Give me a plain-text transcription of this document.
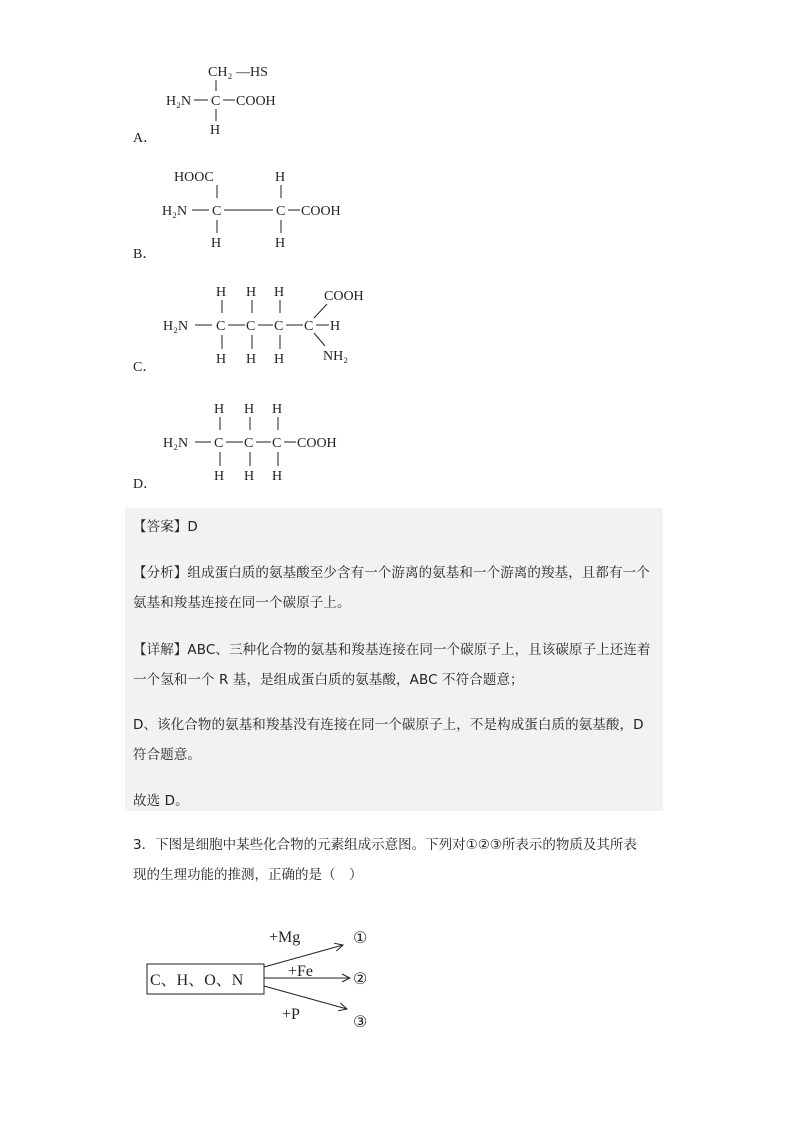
CH₂ —HS
H₂N C COOH
H
A．
HOOC	H
H₂N C	C COOH
H	H
B．
H H H	COOH
H₂N C C C C H
H H H	NH₂
C．
H H H
H₂N C C C COOH
H H H
D．
【答案】D
【分析】组成蛋白质的氨基酸至少含有一个游离的氨基和一个游离的羧基，且都有一个
氨基和羧基连接在同一个碳原子上。
【详解】ABC、三种化合物的氨基和羧基连接在同一个碳原子上，且该碳原子上还连着
一个氢和一个 R 基，是组成蛋白质的氨基酸，ABC 不符合题意；
D、该化合物的氨基和羧基没有连接在同一个碳原子上，不是构成蛋白质的氨基酸，D
符合题意。
故选 D。
3．下图是细胞中某些化合物的元素组成示意图。下列对①②③所表示的物质及其所表
现的生理功能的推测，正确的是（　）
C、H、O、N
+Mg
+Fe
+P
①
②
③
